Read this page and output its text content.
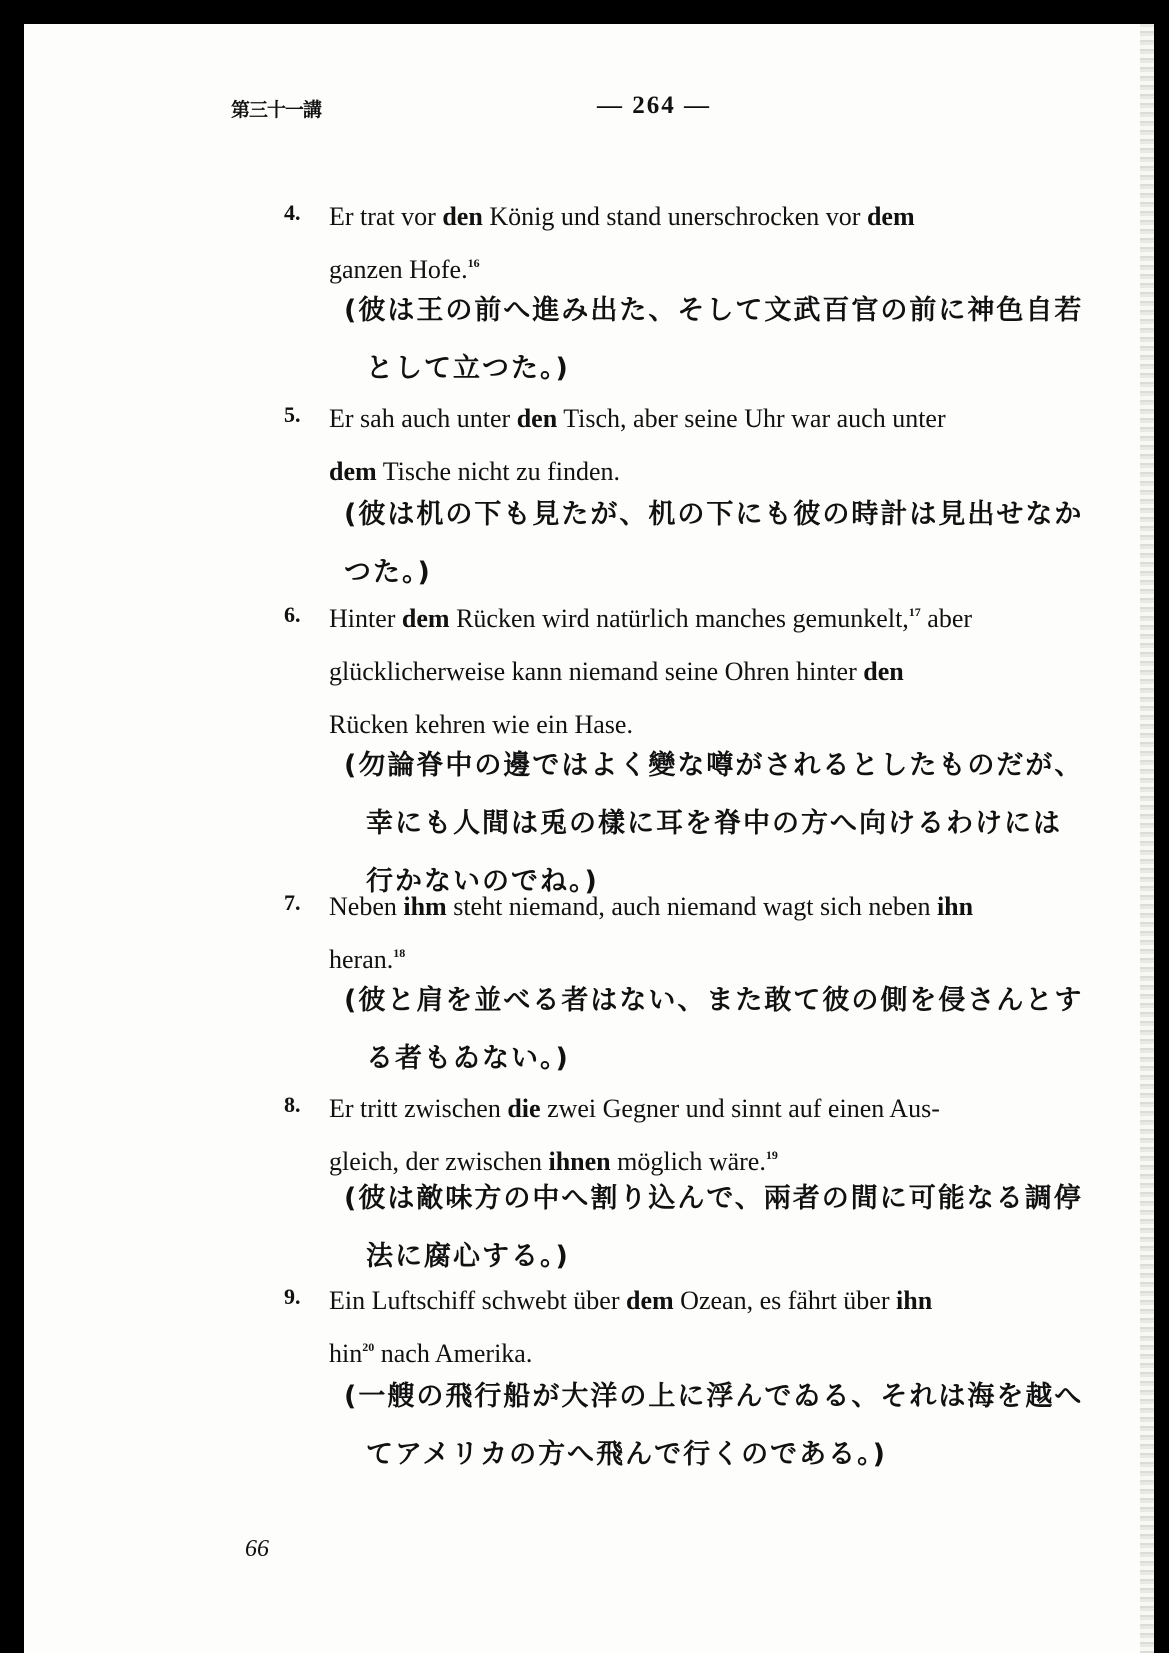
第三十一講	— 264 —
4. Er trat vor den König und stand unerschrocken vor dem
ganzen Hofe.$^{16}$
(彼は王の前へ進み出た、そして文武百官の前に神色自若
として立つた。)
5. Er sah auch unter den Tisch, aber seine Uhr war auch unter
dem Tische nicht zu finden.
(彼は机の下も見たが、机の下にも彼の時計は見出せなか
つた。)
6. Hinter dem Rücken wird natürlich manches gemunkelt,$^{17}$ aber
glücklicherweise kann niemand seine Ohren hinter den
Rücken kehren wie ein Hase.
(勿論脊中の邊ではよく變な噂がされるとしたものだが、
幸にも人間は兎の樣に耳を脊中の方へ向けるわけには
行かないのでね。)
7. Neben ihm steht niemand, auch niemand wagt sich neben ihn
heran.$^{18}$
(彼と肩を並べる者はない、また敢て彼の側を侵さんとす
る者もゐない。)
8. Er tritt zwischen die zwei Gegner und sinnt auf einen Aus-
gleich, der zwischen ihnen möglich wäre.$^{19}$
(彼は敵味方の中へ割り込んで、兩者の間に可能なる調停
法に腐心する。)
9. Ein Luftschiff schwebt über dem Ozean, es fährt über ihn
hin$^{20}$ nach Amerika.
(一艘の飛行船が大洋の上に浮んでゐる、それは海を越へ
てアメリカの方へ飛んで行くのである。)
66
